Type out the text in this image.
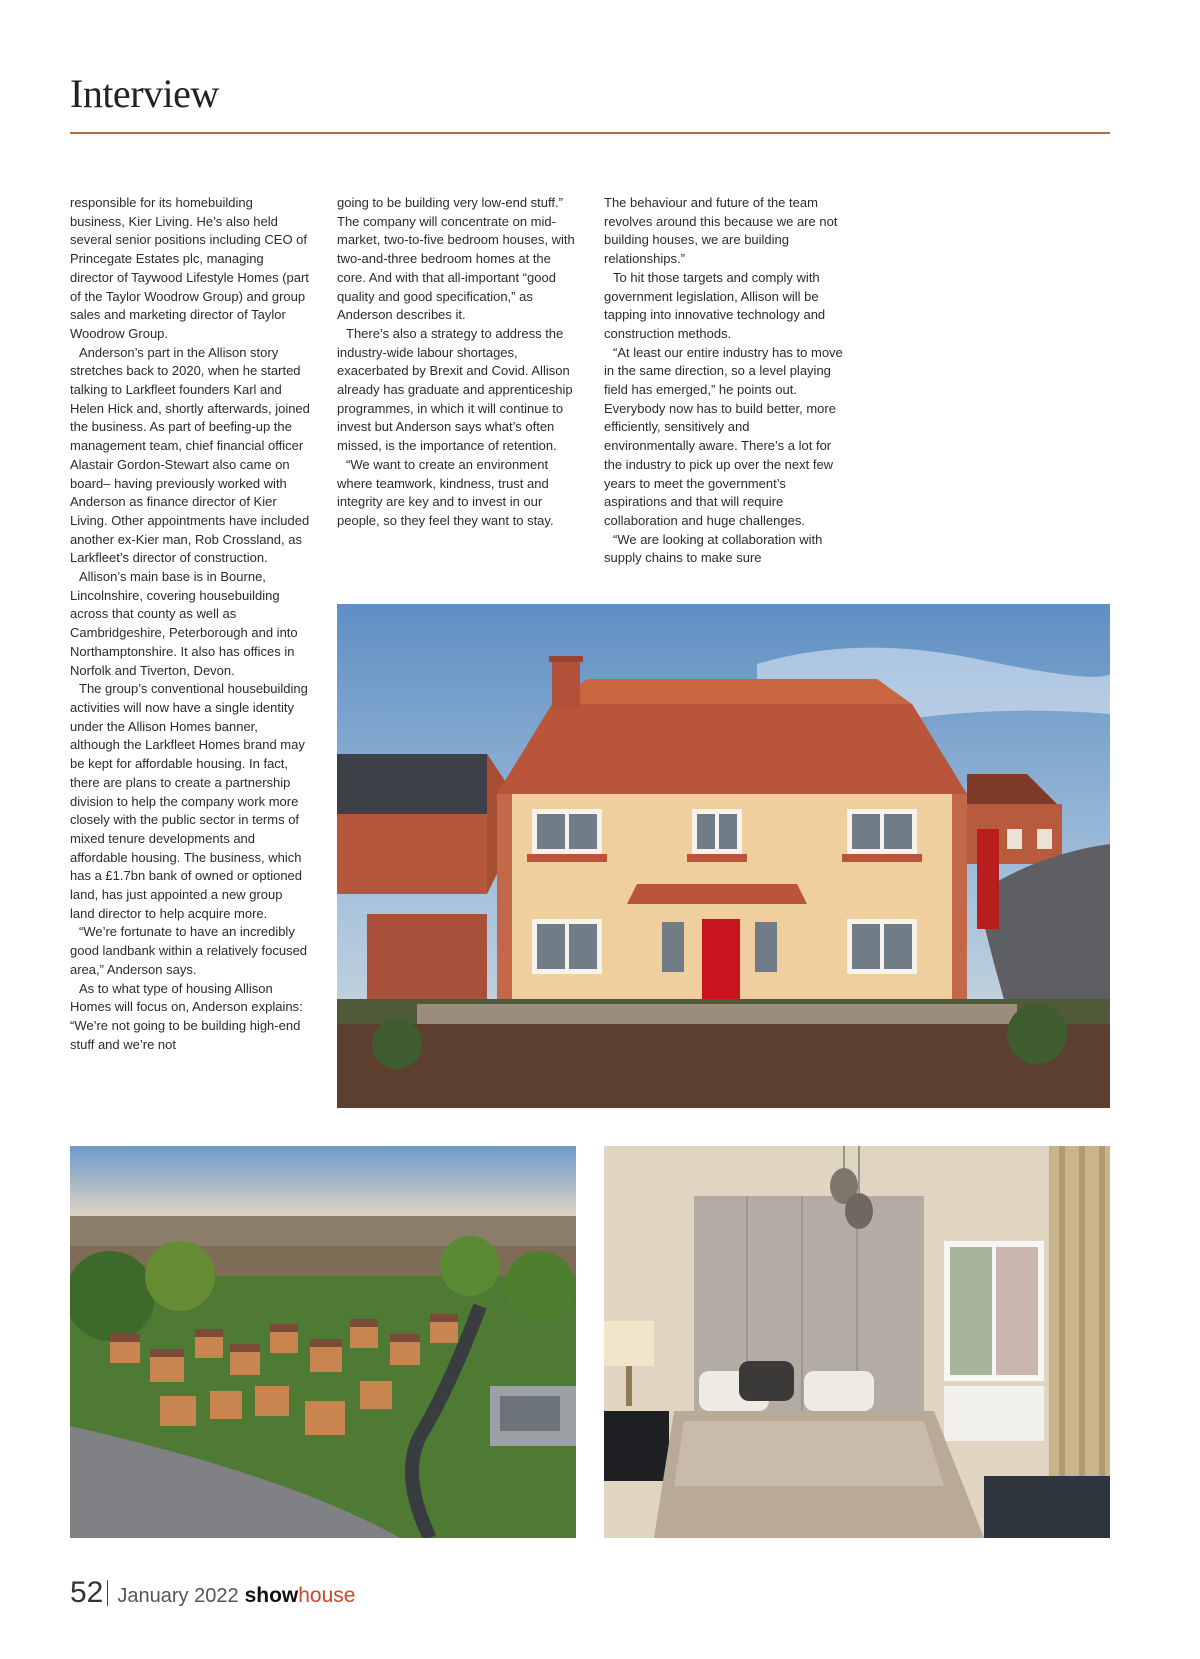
Interview

responsible for its homebuilding business, Kier Living. He’s also held several senior positions including CEO of Princegate Estates plc, managing director of Taywood Lifestyle Homes (part of the Taylor Woodrow Group) and group sales and marketing director of Taylor Woodrow Group.

Anderson’s part in the Allison story stretches back to 2020, when he started talking to Larkfleet founders Karl and Helen Hick and, shortly afterwards, joined the business. As part of beefing-up the management team, chief financial officer Alastair Gordon-Stewart also came on board– having previously worked with Anderson as finance director of Kier Living. Other appointments have included another ex-Kier man, Rob Crossland, as Larkfleet’s director of construction.

Allison’s main base is in Bourne, Lincolnshire, covering housebuilding across that county as well as Cambridgeshire, Peterborough and into Northamptonshire. It also has offices in Norfolk and Tiverton, Devon.

The group’s conventional housebuilding activities will now have a single identity under the Allison Homes banner, although the Larkfleet Homes brand may be kept for affordable housing. In fact, there are plans to create a partnership division to help the company work more closely with the public sector in terms of mixed tenure developments and affordable housing. The business, which has a £1.7bn bank of owned or optioned land, has just appointed a new group land director to help acquire more.

“We’re fortunate to have an incredibly good landbank within a relatively focused area,” Anderson says.

As to what type of housing Allison Homes will focus on, Anderson explains: “We’re not going to be building high-end stuff and we’re not

going to be building very low-end stuff.” The company will concentrate on mid-market, two-to-five bedroom houses, with two-and-three bedroom homes at the core. And with that all-important “good quality and good specification,” as Anderson describes it.

There’s also a strategy to address the industry-wide labour shortages, exacerbated by Brexit and Covid. Allison already has graduate and apprenticeship programmes, in which it will continue to invest but Anderson says what’s often missed, is the importance of retention.

“We want to create an environment where teamwork, kindness, trust and integrity are key and to invest in our people, so they feel they want to stay.

The behaviour and future of the team revolves around this because we are not building houses, we are building relationships.”

To hit those targets and comply with government legislation, Allison will be tapping into innovative technology and construction methods.

“At least our entire industry has to move in the same direction, so a level playing field has emerged,” he points out. Everybody now has to build better, more efficiently, sensitively and environmentally aware. There’s a lot for the industry to pick up over the next few years to meet the government’s aspirations and that will require collaboration and huge challenges.

“We are looking at collaboration with supply chains to make sure

52 January 2022 show house
